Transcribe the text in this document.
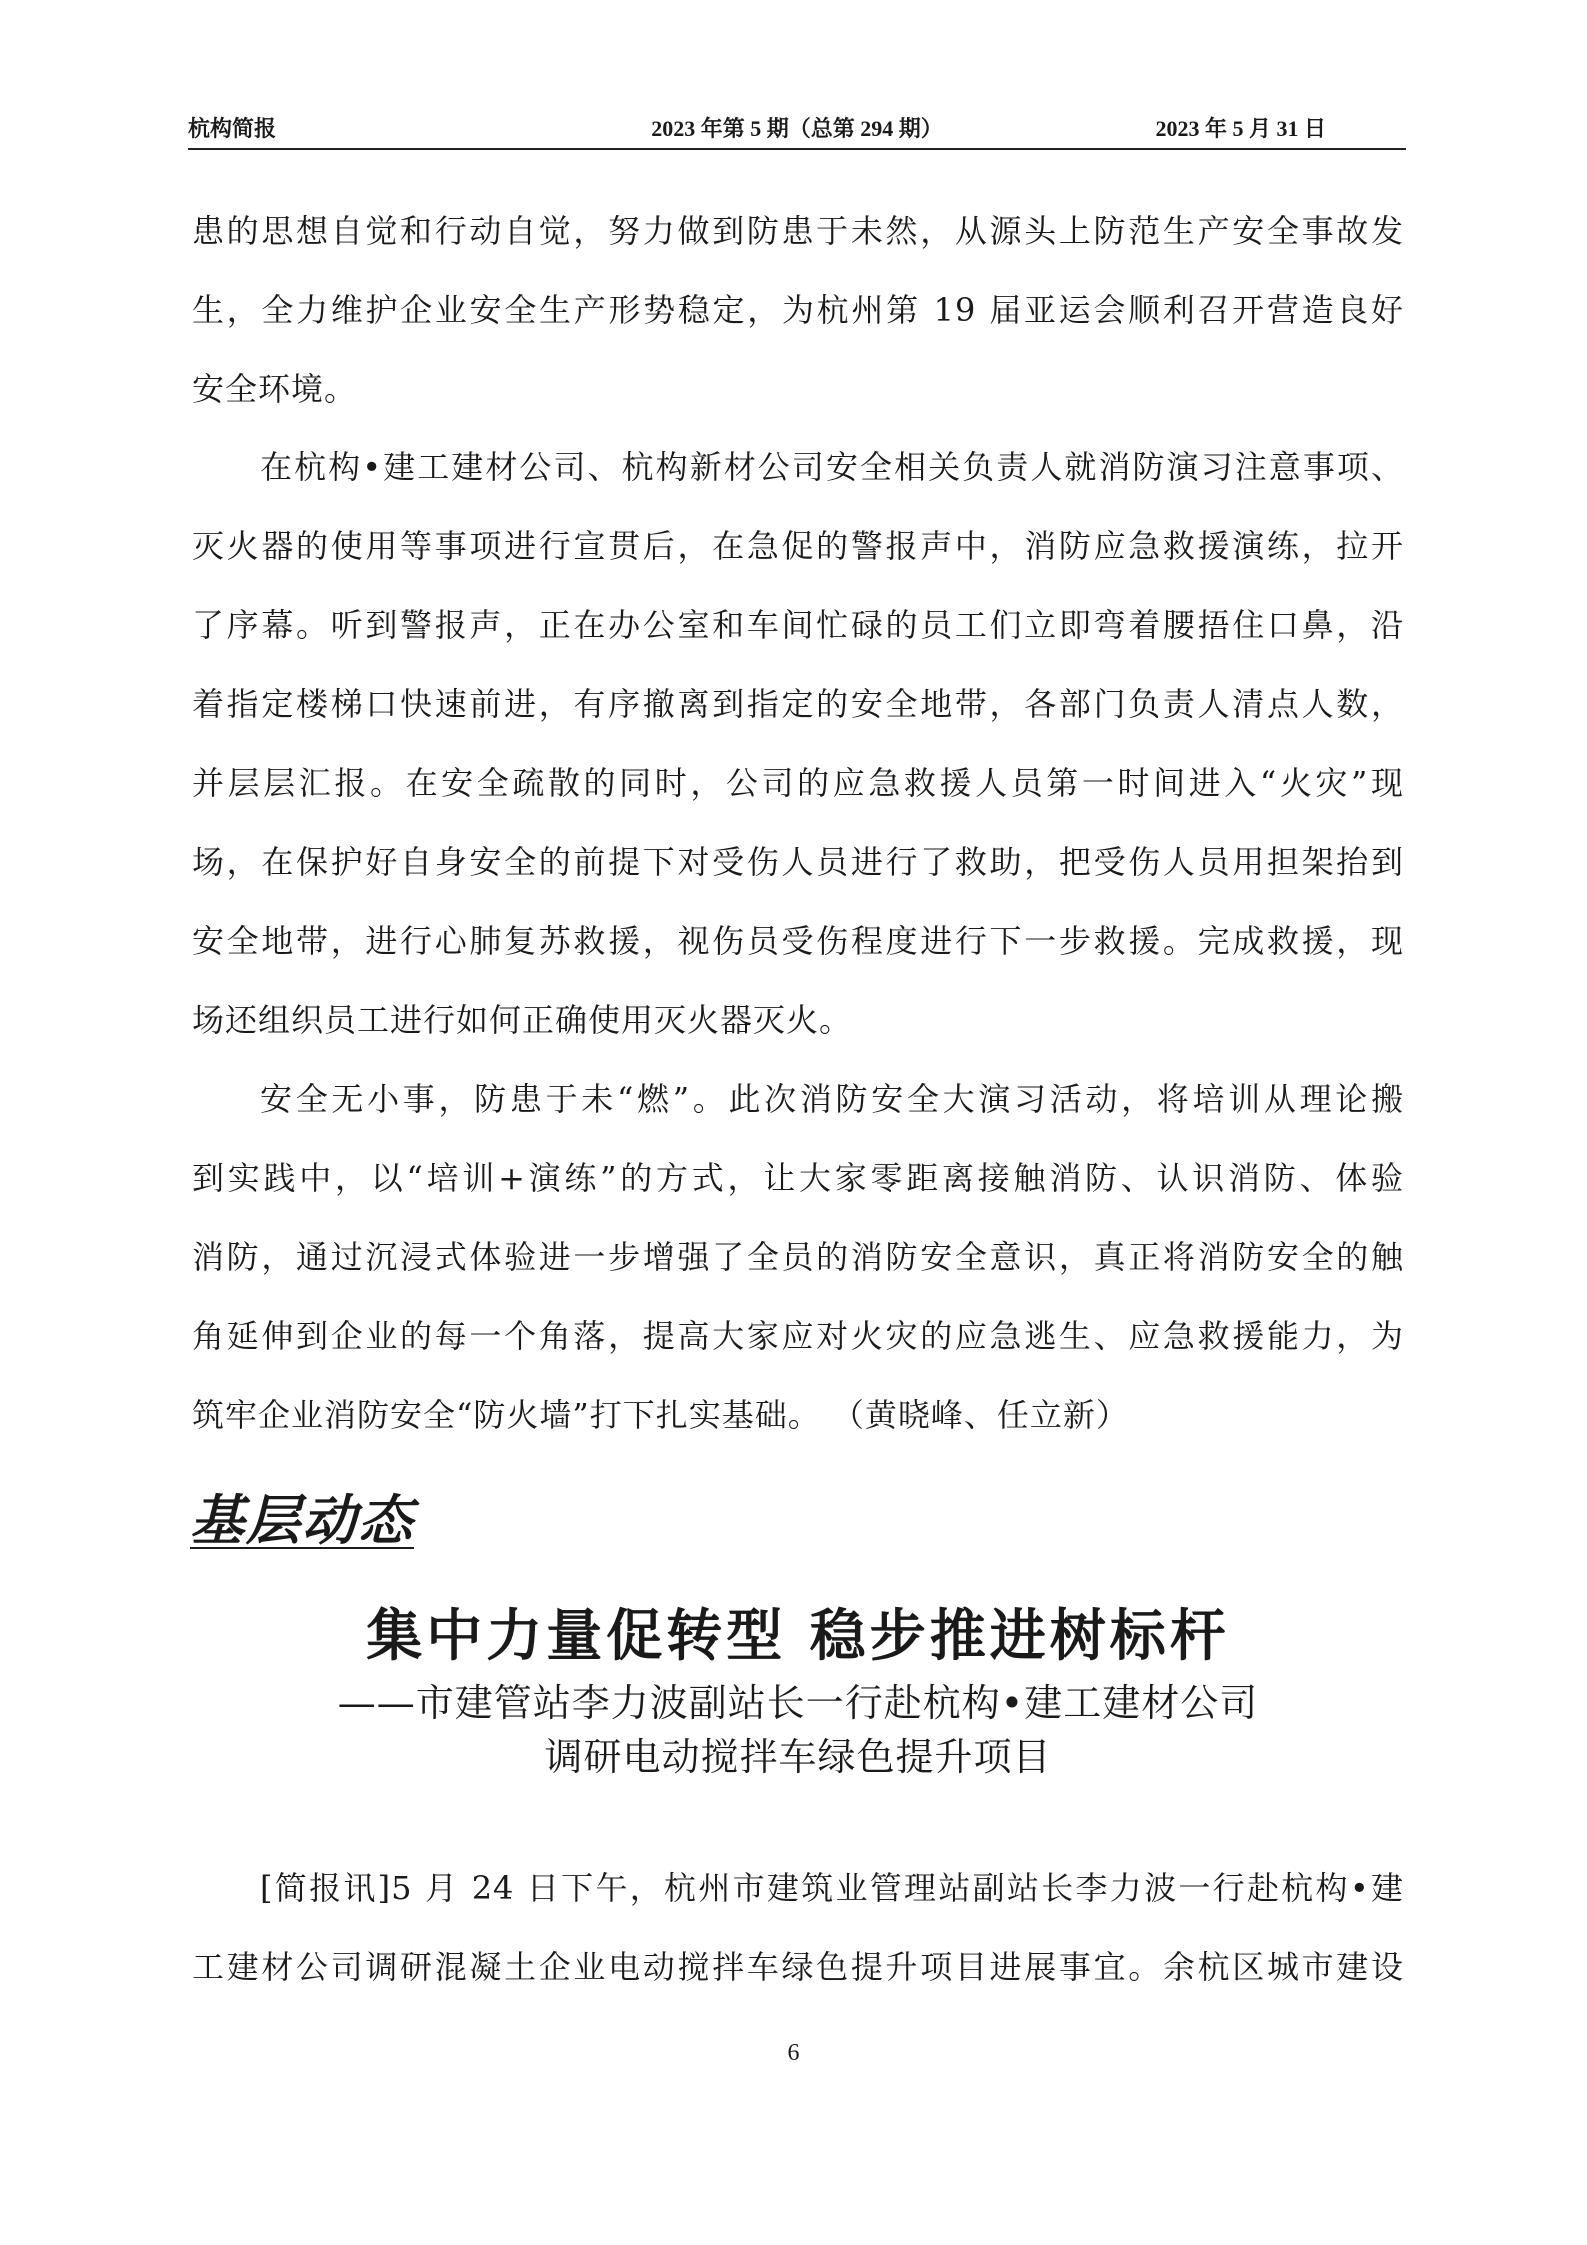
杭构简报	2023 年第 5 期（总第 294 期）	2023 年 5 月 31 日
患的思想自觉和行动自觉，努力做到防患于未然，从源头上防范生产安全事故发
生，全力维护企业安全生产形势稳定，为杭州第 19 届亚运会顺利召开营造良好
安全环境。
在杭构•建工建材公司、杭构新材公司安全相关负责人就消防演习注意事项、
灭火器的使用等事项进行宣贯后，在急促的警报声中，消防应急救援演练，拉开
了序幕。听到警报声，正在办公室和车间忙碌的员工们立即弯着腰捂住口鼻，沿
着指定楼梯口快速前进，有序撤离到指定的安全地带，各部门负责人清点人数，
并层层汇报。在安全疏散的同时，公司的应急救援人员第一时间进入“火灾”现
场，在保护好自身安全的前提下对受伤人员进行了救助，把受伤人员用担架抬到
安全地带，进行心肺复苏救援，视伤员受伤程度进行下一步救援。完成救援，现
场还组织员工进行如何正确使用灭火器灭火。
安全无小事，防患于未“燃”。此次消防安全大演习活动，将培训从理论搬
到实践中，以“培训+演练”的方式，让大家零距离接触消防、认识消防、体验
消防，通过沉浸式体验进一步增强了全员的消防安全意识，真正将消防安全的触
角延伸到企业的每一个角落，提高大家应对火灾的应急逃生、应急救援能力，为
筑牢企业消防安全“防火墙”打下扎实基础。 （黄晓峰、任立新）
基层动态
集中力量促转型 稳步推进树标杆
——市建管站李力波副站长一行赴杭构•建工建材公司
调研电动搅拌车绿色提升项目
[简报讯]5 月 24 日下午，杭州市建筑业管理站副站长李力波一行赴杭构•建
工建材公司调研混凝土企业电动搅拌车绿色提升项目进展事宜。余杭区城市建设
6
